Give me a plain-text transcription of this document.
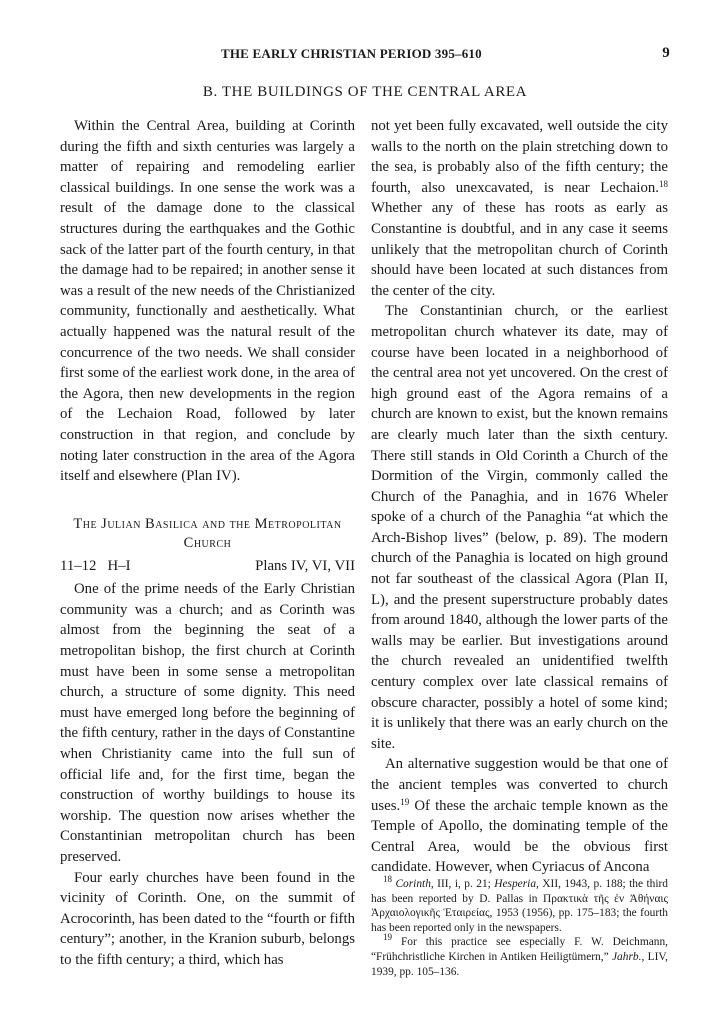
THE EARLY CHRISTIAN PERIOD 395–610	9
B. THE BUILDINGS OF THE CENTRAL AREA

Within the Central Area, building at Corinth during the fifth and sixth centuries was largely a matter of repairing and remodeling earlier classical buildings. In one sense the work was a result of the damage done to the classical structures during the earthquakes and the Gothic sack of the latter part of the fourth century, in that the damage had to be repaired; in another sense it was a result of the new needs of the Christianized community, functionally and aesthetically. What actually happened was the natural result of the concurrence of the two needs. We shall consider first some of the earliest work done, in the area of the Agora, then new developments in the region of the Lechaion Road, followed by later construction in that region, and conclude by noting later construction in the area of the Agora itself and elsewhere (Plan IV).

The Julian Basilica and the Metropolitan
Church
11–12   H–I	Plans IV, VI, VII

One of the prime needs of the Early Christian community was a church; and as Corinth was almost from the beginning the seat of a metropolitan bishop, the first church at Corinth must have been in some sense a metropolitan church, a structure of some dignity. This need must have emerged long before the beginning of the fifth century, rather in the days of Constantine when Christianity came into the full sun of official life and, for the first time, began the construction of worthy buildings to house its worship. The question now arises whether the Constantinian metropolitan church has been preserved.

Four early churches have been found in the vicinity of Corinth. One, on the summit of Acrocorinth, has been dated to the “fourth or fifth century”; another, in the Kranion suburb, belongs to the fifth century; a third, which has

not yet been fully excavated, well outside the city walls to the north on the plain stretching down to the sea, is probably also of the fifth century; the fourth, also unexcavated, is near Lechaion.$^{18}$ Whether any of these has roots as early as Constantine is doubtful, and in any case it seems unlikely that the metropolitan church of Corinth should have been located at such distances from the center of the city.

The Constantinian church, or the earliest metropolitan church whatever its date, may of course have been located in a neighborhood of the central area not yet uncovered. On the crest of high ground east of the Agora remains of a church are known to exist, but the known remains are clearly much later than the sixth century. There still stands in Old Corinth a Church of the Dormition of the Virgin, commonly called the Church of the Panaghia, and in 1676 Wheler spoke of a church of the Panaghia “at which the Arch-Bishop lives” (below, p. 89). The modern church of the Panaghia is located on high ground not far southeast of the classical Agora (Plan II, L), and the present superstructure probably dates from around 1840, although the lower parts of the walls may be earlier. But investigations around the church revealed an unidentified twelfth century complex over late classical remains of obscure character, possibly a hotel of some kind; it is unlikely that there was an early church on the site.

An alternative suggestion would be that one of the ancient temples was converted to church uses.$^{19}$ Of these the archaic temple known as the Temple of Apollo, the dominating temple of the Central Area, would be the obvious first candidate. However, when Cyriacus of Ancona

$^{18}$ Corinth, III, i, p. 21; Hesperia, XII, 1943, p. 188; the third has been reported by D. Pallas in Πρακτικὰ τῆς ἐν Ἀθήναις Ἀρχαιολογικῆς Ἑταιρείας, 1953 (1956), pp. 175–183; the fourth has been reported only in the newspapers.

$^{19}$ For this practice see especially F. W. Deichmann, “Frühchristliche Kirchen in Antiken Heiligtümern,” Jahrb., LIV, 1939, pp. 105–136.
